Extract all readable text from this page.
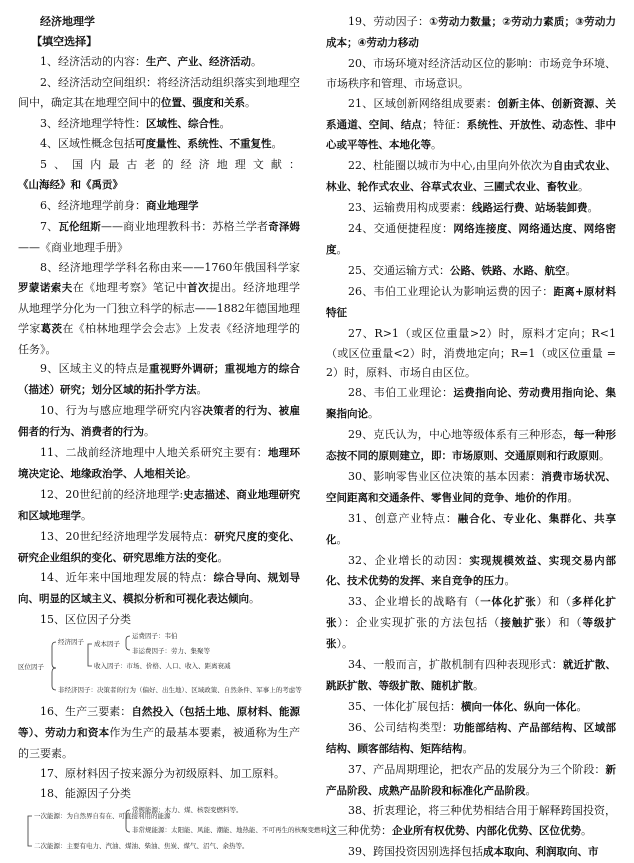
经济地理学

【填空选择】

1、经济活动的内容：生产、产业、经济活动。

2、经济活动空间组织：将经济活动组织落实到地理空间中，确定其在地理空间中的位置、强度和关系。

3、经济地理学特性：区域性、综合性。

4、区域性概念包括可度量性、系统性、不重复性。

5、国内最古老的经济地理文献：《山海经》和《禹贡》

6、经济地理学前身：商业地理学

7、瓦伦纽斯——商业地理教科书：苏格兰学者奇泽姆——《商业地理手册》

8、经济地理学学科名称由来——1760年俄国科学家罗蒙诺索夫在《地理考察》笔记中首次提出。经济地理学从地理学分化为一门独立科学的标志——1882年德国地理学家葛茨在《柏林地理学会会志》上发表《经济地理学的任务》。

9、区域主义的特点是重视野外调研；重视地方的综合（描述）研究；划分区域的拓扑学方法。

10、行为与感应地理学研究内容决策者的行为、被雇佣者的行为、消费者的行为。

11、二战前经济地理中人地关系研究主要有：地理环境决定论、地缘政治学、人地相关论。

12、20世纪前的经济地理学:史志描述、商业地理研究和区域地理学。

13、20世纪经济地理学发展特点：研究尺度的变化、研究企业组织的变化、研究思维方法的变化。

14、近年来中国地理发展的特点：综合导向、规划导向、明显的区域主义、模拟分析和可视化表达倾向。

15、区位因子分类

区位因子
经济因子 成本因子
运费因子：韦伯
非运费因子：劳力、集聚等
收入因子：市场、价格、人口、收入、距离衰减
非经济因子：决策者的行为（偏好、出生地）、区域政策、自然条件、军事上的考虑等

16、生产三要素：自然投入（包括土地、原材料、能源等）、劳动力和资本作为生产的最基本要素，被通称为生产的三要素。

17、原材料因子按来源分为初级原料、加工原料。

18、能源因子分类

一次能源：为自然界自有在、可直接利用的能源
常规能源：木力、煤、核裂变燃料等。
非常规能源：太阳能、风能、潮能、地热能、不可再生的核聚变燃料。
二次能源：主要有电力、汽油、煤油、柴油、焦炭、煤气、沼气、余热等。

19、劳动因子：①劳动力数量；②劳动力素质；③劳动力成本；④劳动力移动

20、市场环境对经济活动区位的影响：市场竞争环境、市场秩序和管理、市场意识。

21、区域创新网络组成要素：创新主体、创新资源、关系通道、空间、结点；特征：系统性、开放性、动态性、非中心或平等性、本地化等。

22、杜能圈以城市为中心,由里向外依次为自由式农业、林业、轮作式农业、谷草式农业、三圃式农业、畜牧业。

23、运输费用构成要素：线路运行费、站场装卸费。

24、交通便捷程度：网络连接度、网络通达度、网络密度。

25、交通运输方式：公路、铁路、水路、航空。

26、韦伯工业理论认为影响运费的因子：距离+原材料特征

27、R>1（或区位重量>2）时，原料才定向；R<1（或区位重量<2）时，消费地定向；R=1（或区位重量 = 2）时，原料、市场自由区位。

28、韦伯工业理论：运费指向论、劳动费用指向论、集聚指向论。

29、克氏认为，中心地等级体系有三种形态，每一种形态按不同的原则建立，即：市场原则、交通原则和行政原则。

30、影响零售业区位决策的基本因素：消费市场状况、空间距离和交通条件、零售业间的竞争、地价的作用。

31、创意产业特点：融合化、专业化、集群化、共享化。

32、企业增长的动因：实现规模效益、实现交易内部化、技术优势的发挥、来自竞争的压力。

33、企业增长的战略有（一体化扩张）和（多样化扩张）：企业实现扩张的方法包括（接触扩张）和（等级扩张）。

34、一般而言，扩散机制有四种表现形式：就近扩散、跳跃扩散、等级扩散、随机扩散。

35、一体化扩展包括：横向一体化、纵向一体化。

36、公司结构类型：功能部结构、产品部结构、区域部结构、顾客部结构、矩阵结构。

37、产品周期理论，把农产品的发展分为三个阶段：新产品阶段、成熟产品阶段和标准化产品阶段。

38、折衷理论，将三种优势相结合用于解释跨国投资，这三种优势：企业所有权优势、内部化优势、区位优势。

39、跨国投资因别选择包括成本取向、利润取向、市
